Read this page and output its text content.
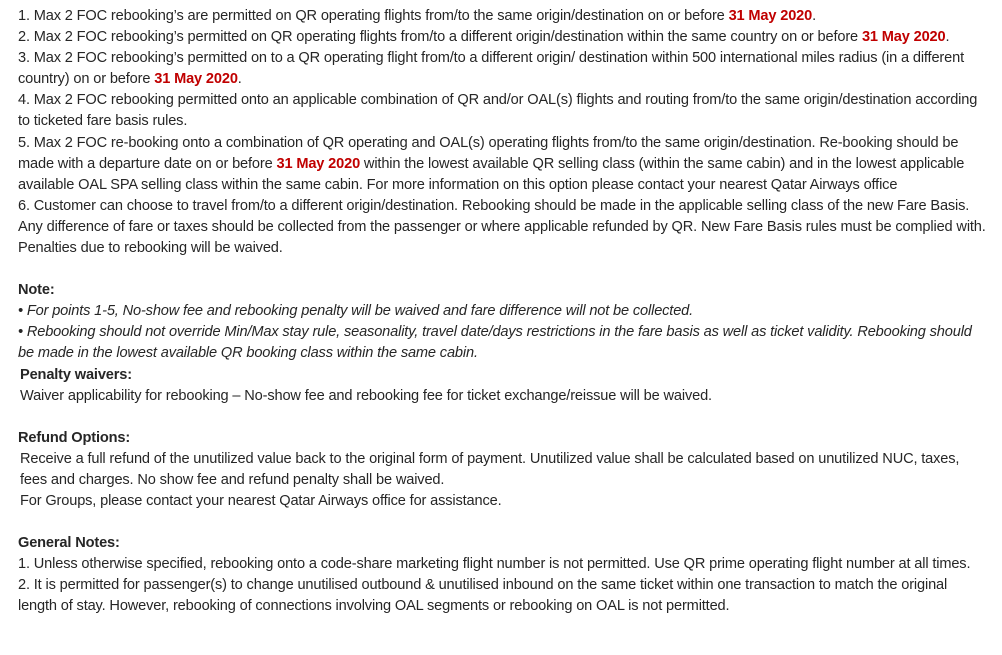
1. Max 2 FOC rebooking’s are permitted on QR operating flights from/to the same origin/destination on or before 31 May 2020.

2. Max 2 FOC rebooking’s permitted on QR operating flights from/to a different origin/destination within the same country on or before 31 May 2020.

3. Max 2 FOC rebooking’s permitted on to a QR operating flight from/to a different origin/ destination within 500 international miles radius (in a different country) on or before 31 May 2020.

4. Max 2 FOC rebooking permitted onto an applicable combination of QR and/or OAL(s) flights and routing from/to the same origin/destination according to ticketed fare basis rules.

5. Max 2 FOC re-booking onto a combination of QR operating and OAL(s) operating flights from/to the same origin/destination. Re-booking should be made with a departure date on or before 31 May 2020 within the lowest available QR selling class (within the same cabin) and in the lowest applicable available OAL SPA selling class within the same cabin. For more information on this option please contact your nearest Qatar Airways office

6. Customer can choose to travel from/to a different origin/destination. Rebooking should be made in the applicable selling class of the new Fare Basis. Any difference of fare or taxes should be collected from the passenger or where applicable refunded by QR. New Fare Basis rules must be complied with. Penalties due to rebooking will be waived.

Note:

• For points 1-5, No-show fee and rebooking penalty will be waived and fare difference will not be collected.

• Rebooking should not override Min/Max stay rule, seasonality, travel date/days restrictions in the fare basis as well as ticket validity. Rebooking should be made in the lowest available QR booking class within the same cabin.

Penalty waivers:

Waiver applicability for rebooking – No-show fee and rebooking fee for ticket exchange/reissue will be waived.

Refund Options:

Receive a full refund of the unutilized value back to the original form of payment. Unutilized value shall be calculated based on unutilized NUC, taxes, fees and charges. No show fee and refund penalty shall be waived.

For Groups, please contact your nearest Qatar Airways office for assistance.

General Notes:

1. Unless otherwise specified, rebooking onto a code-share marketing flight number is not permitted. Use QR prime operating flight number at all times.

2. It is permitted for passenger(s) to change unutilised outbound & unutilised inbound on the same ticket within one transaction to match the original length of stay. However, rebooking of connections involving OAL segments or rebooking on OAL is not permitted.
